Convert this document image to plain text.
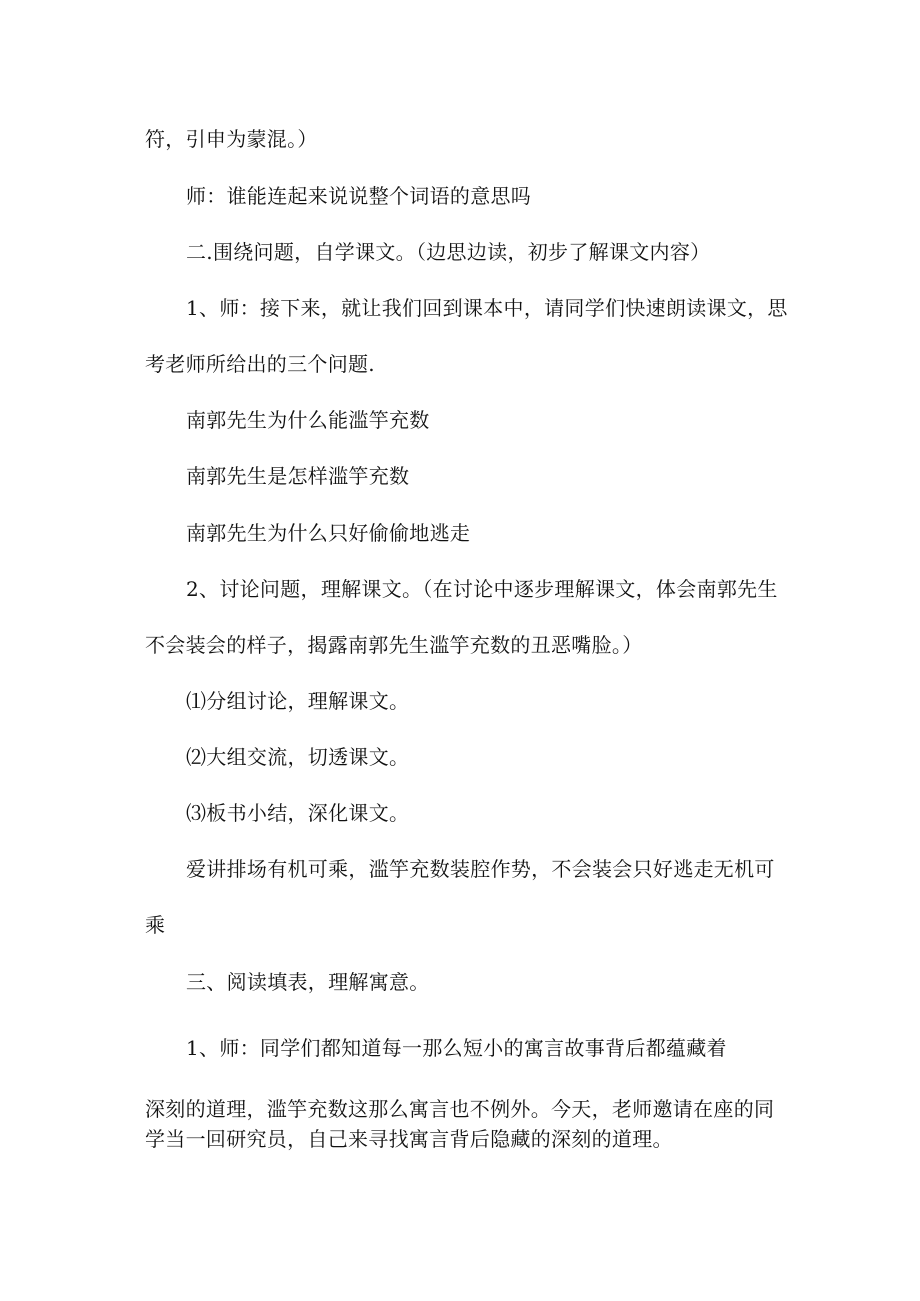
符，引申为蒙混。）
师：谁能连起来说说整个词语的意思吗
二.围绕问题，自学课文。（边思边读，初步了解课文内容）
1、师：接下来，就让我们回到课本中，请同学们快速朗读课文，思
考老师所给出的三个问题.
南郭先生为什么能滥竽充数
南郭先生是怎样滥竽充数
南郭先生为什么只好偷偷地逃走
2、讨论问题，理解课文。（在讨论中逐步理解课文，体会南郭先生
不会装会的样子，揭露南郭先生滥竽充数的丑恶嘴脸。）
⑴分组讨论，理解课文。
⑵大组交流，切透课文。
⑶板书小结，深化课文。
爱讲排场有机可乘，滥竽充数装腔作势，不会装会只好逃走无机可
乘
三、阅读填表，理解寓意。
1、师：同学们都知道每一那么短小的寓言故事背后都蕴藏着
深刻的道理，滥竽充数这那么寓言也不例外。今天，老师邀请在座的同
学当一回研究员，自己来寻找寓言背后隐藏的深刻的道理。
